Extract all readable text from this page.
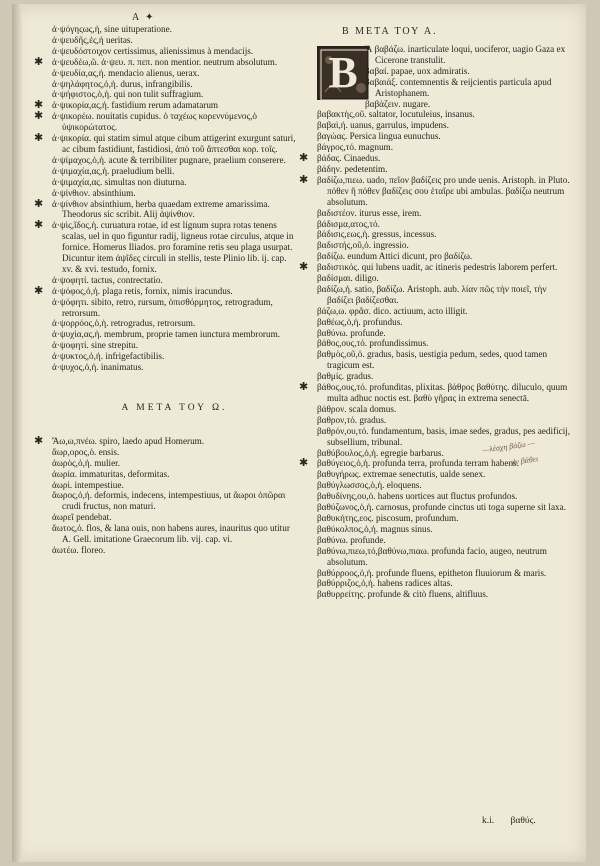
A ✦
Β ΜΕΤΑ ΤΟΥ Α.

ἀ·ψόγηςως,ἡ, sine uituperatione.

ἀ·ψευδῆς,ἐς,ἡ ueritas.

ἀ·ψευδόστοιχον certissimus, alienissimus à mendacijs.

✱ ἀ·ψευδέω,ῶ. ἀ·ψευ. π. πεπ. non mentior. neutrum absolutum.

ἀ·ψευδία,ας,ἡ. mendacio alienus, uerax.

ἀ·ψηλάφητος,ὁ,ἡ. durus, infrangibilis.

ἀ·ψήφιστος,ὁ,ἡ. qui non tulit suffragium.

✱ ἀ·ψικορία,ας,ἡ. fastidium rerum adamatarum

✱ ἀ·ψικορέω. nouitatis cupidus. ὁ ταχέως κορεννύμενος,ὁ ὑψικορώτατος.

✱ ἀ·ψικορία. qui statim simul atque cibum attigerint exurgunt saturi, ac cibum fastidiunt, fastidiosi, ἀπὸ τοῦ ἅπτεσθαι κορ. τοῖς.

ἀ·ψίμαχος,ὁ,ἡ. acute & terribiliter pugnare, praelium conserere.

ἀ·ψιμαχία,ας,ἡ. praeludium belli.

ἀ·ψιμαχία,ας. simultas non diuturna.

ἀ·ψίνθιον. absinthium.

✱ ἀ·ψίνθιον absinthium, herba quaedam extreme amarissima. Theodorus sic scribit. Alij ἀψίνθιον.

✱ ἀ·ψὶς,ῖδος,ἡ. curuatura rotae, id est lignum supra rotas tenens scalas, uel in quo figuntur radij, ligneus rotae circulus, atque in fornice. Homerus Iliados. pro foramine retis seu plaga usurpat. Dicuntur item ἀψῖδες circuli in stellis, teste Plinio lib. ij. cap. xv. & xvi. testudo, fornix.

ἀ·ψοφητί. tactus, contrectatio.

✱ ἀ·ψόφος,ὁ,ἡ. plaga retis, fornix, nimis iracundus.

ἀ·ψόφητι. sibito, retro, rursum, ὀπισθόρμητος, retrogradum, retrorsum.

ἀ·ψορρόος,ὁ,ἡ. retrogradus, retrorsum.

ἀ·ψυχία,ας,ἡ. membrum, proprie tamen iunctura membrorum.

ἀ·ψοφητί. sine strepitu.

ἀ·ψυκτος,ὁ,ἡ. infrigefactibilis.

ἀ·ψυχος,ὁ,ἡ. inanimatus.

Α ΜΕΤΑ ΤΟΥ Ω.

✱ Ἄω,ω,πνέω. spiro, laedo apud Homerum.

ἄωρ,ορος,ὁ. ensis.

ἀωρὸς,ὁ,ἡ. mulier.

ἀωρία. immaturitas, deformitas.

ἀωρὶ. intempestiue.

ἄωρος,ὁ,ἡ. deformis, indecens, intempestiuus, ut ἄωροι ὀπῶραι crudi fructus, non maturi.

ἀωρεῖ pendebat.

ἄωτος,ὁ. flos, & lana ouis, non habens aures, inauritus quo utitur A. Gell. imitatione Graecorum lib. vij. cap. vi.

ἀωτέω. floreo.

B Ἄ βαβάζω. inarticulate loqui, uociferor, uagio Gaza ex Cicerone transtulit.

βαβαί. papae, uox admiratis.

βαβαιάξ. contemnentis & reijcientis particula apud Aristophanem.

βαβάζειν. nugare.

βαβακτὴς,οῦ. saltator, locutuleius, insanus.

βαβαὶ,ἡ. uanus, garrulus, impudens.

βαγώας. Persica lingua eunuchus.

βάγρος,τό. magnum.

✱ βάδας. Cinaedus.

βάδην. pedetentim.

✱ βαδίζω,πιεω. uado, πεῖον βαδίζεις pro unde uenis. Aristoph. in Pluto. πόθεν ἤ πόθεν βαδίζεις σου ἑταῖρε ubi ambulas. βαδίζω neutrum absolutum.

βαδιστέον. iturus esse, irem.

βάδισμα,ατος,τό.

βάδισις,εως,ἡ. gressus, incessus.

βαδιστής,οῦ,ὁ. ingressio.

βαδίζω. eundum Attici dicunt, pro βαδίζω.

✱ βαδιστικός. qui lubens uadit, ac itineris pedestris laborem perfert.

βαδίσμαι. diligo.

βαδίζω,ἡ. satio, βαδίζω. Aristoph. aub. λίαν πῶς τὴν ποιεῖ, τὴν βαδίζει βαδίζεσθαι.

βάζω,ω. φρᾶσ. dico. actiuum, acto illigit.

βαθέως,ὁ,ἡ. profundus.

βαθύνω. profunde.

βάθος,ους,τό. profundissimus.

βαθμὸς,οῦ,ὁ. gradus, basis, uestigia pedum, sedes, quod tamen tragicum est.

βαθμίς. gradus.

✱ βάθος,ους,τό. profunditas, plixitas. βάθρος βαθύτης. diluculo, quum multa adhuc noctis est. βαθὺ γῆρας in extrema senectā.

βάθρον. scala domus.

βαθρον,τό. gradus.

βαθρόν,ου,τό. fundamentum, basis, imae sedes, gradus, pes aedificij, subsellium, tribunal.

βαθύβουλος,ὁ,ἡ. egregie barbarus.

✱ βαθύγειος,ὁ,ἡ. profunda terra, profunda terram habens.

βαθυγήρως. extremae senectutis, ualde senex.

βαθύγλωσσος,ὁ,ἡ. eloquens.

βαθυδίνης,ου,ὁ. habens uortices aut fluctus profundos.

βαθύζωνος,ὁ,ἡ. carnosus, profunde cinctus uti toga superne sit laxa.

βαθυκήτης,εος. piscosum, profundum.

βαθύκολπος,ὁ,ἡ. magnus sinus.

βαθύνω. profunde.

βαθύνω,πιεω,τό,βαθύνω,πιαω. profunda facio, augeo, neutrum absolutum.

βαθύρροος,ὁ,ἡ. profunde fluens, epitheton fluuiorum & maris.

βαθύρριζος,ὁ,ἡ. habens radices altas.

βαθυρρείτης. profunde & citò fluens, altifluus.

—λέσχη βάζω —
ἐν βάθει
k.i. βαθύς.
